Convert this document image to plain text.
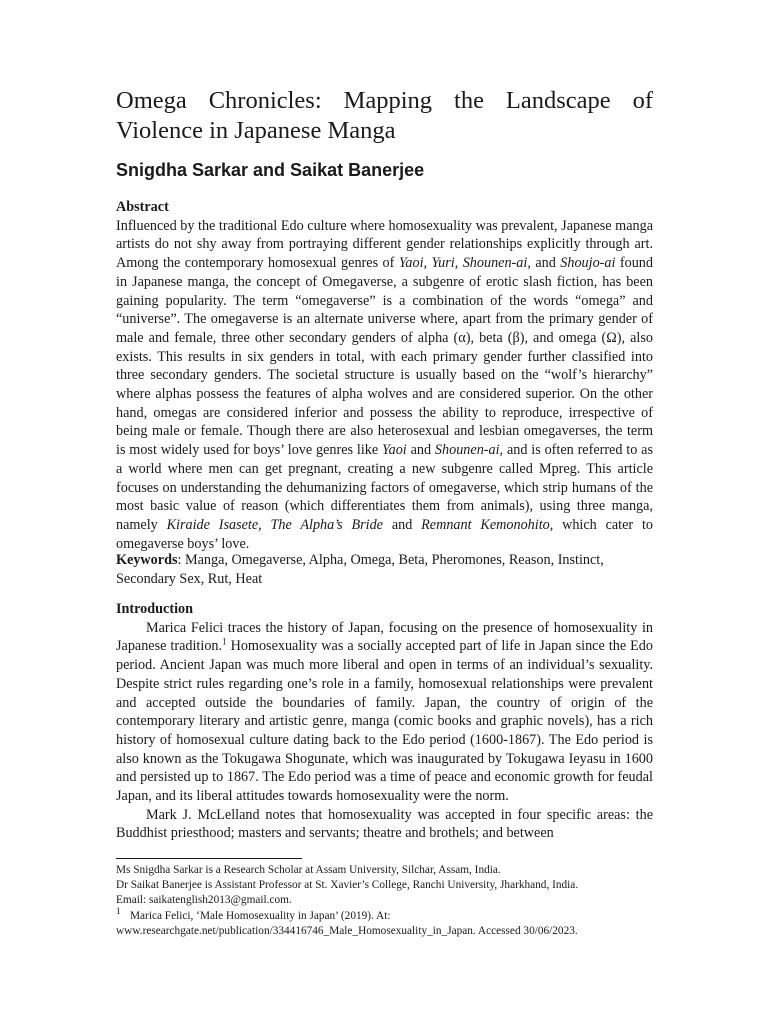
Omega Chronicles: Mapping the Landscape of Violence in Japanese Manga
Snigdha Sarkar and Saikat Banerjee
Abstract

Influenced by the traditional Edo culture where homosexuality was prevalent, Japanese manga artists do not shy away from portraying different gender relationships explicitly through art. Among the contemporary homosexual genres of Yaoi, Yuri, Shounen-ai, and Shoujo-ai found in Japanese manga, the concept of Omegaverse, a subgenre of erotic slash fiction, has been gaining popularity. The term “omegaverse” is a combination of the words “omega” and “universe”. The omegaverse is an alternate universe where, apart from the primary gender of male and female, three other secondary genders of alpha (α), beta (β), and omega (Ω), also exists. This results in six genders in total, with each primary gender further classified into three secondary genders. The societal structure is usually based on the “wolf’s hierarchy” where alphas possess the features of alpha wolves and are considered superior. On the other hand, omegas are considered inferior and possess the ability to reproduce, irrespective of being male or female. Though there are also heterosexual and lesbian omegaverses, the term is most widely used for boys’ love genres like Yaoi and Shounen-ai, and is often referred to as a world where men can get pregnant, creating a new subgenre called Mpreg. This article focuses on understanding the dehumanizing factors of omegaverse, which strip humans of the most basic value of reason (which differentiates them from animals), using three manga, namely Kiraide Isasete, The Alpha’s Bride and Remnant Kemonohito, which cater to omegaverse boys’ love.

Keywords: Manga, Omegaverse, Alpha, Omega, Beta, Pheromones, Reason, Instinct, Secondary Sex, Rut, Heat

Introduction

Marica Felici traces the history of Japan, focusing on the presence of homosexuality in Japanese tradition.$^1$ Homosexuality was a socially accepted part of life in Japan since the Edo period. Ancient Japan was much more liberal and open in terms of an individual’s sexuality. Despite strict rules regarding one’s role in a family, homosexual relationships were prevalent and accepted outside the boundaries of family. Japan, the country of origin of the contemporary literary and artistic genre, manga (comic books and graphic novels), has a rich history of homosexual culture dating back to the Edo period (1600-1867). The Edo period is also known as the Tokugawa Shogunate, which was inaugurated by Tokugawa Ieyasu in 1600 and persisted up to 1867. The Edo period was a time of peace and economic growth for feudal Japan, and its liberal attitudes towards homosexuality were the norm.

Mark J. McLelland notes that homosexuality was accepted in four specific areas: the Buddhist priesthood; masters and servants; theatre and brothels; and between

Ms Snigdha Sarkar is a Research Scholar at Assam University, Silchar, Assam, India.

Dr Saikat Banerjee is Assistant Professor at St. Xavier’s College, Ranchi University, Jharkhand, India.

Email: saikatenglish2013@gmail.com.

1 Marica Felici, ‘Male Homosexuality in Japan’ (2019). At:

www.researchgate.net/publication/334416746_Male_Homosexuality_in_Japan. Accessed 30/06/2023.
